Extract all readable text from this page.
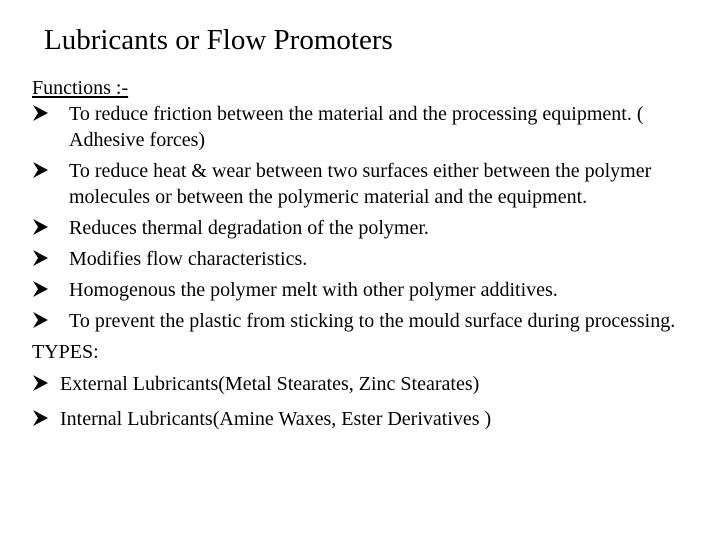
Lubricants or Flow Promoters
Functions :-
To reduce friction between the material and the processing equipment. ( Adhesive forces)
To reduce heat & wear between two surfaces either between the polymer molecules or between the polymeric material and the equipment.
Reduces thermal degradation of the polymer.
Modifies flow characteristics.
Homogenous the polymer melt with other polymer additives.
To prevent the plastic from sticking to the mould surface during processing.
TYPES:
External Lubricants(Metal Stearates, Zinc Stearates)
Internal Lubricants(Amine Waxes, Ester Derivatives )
